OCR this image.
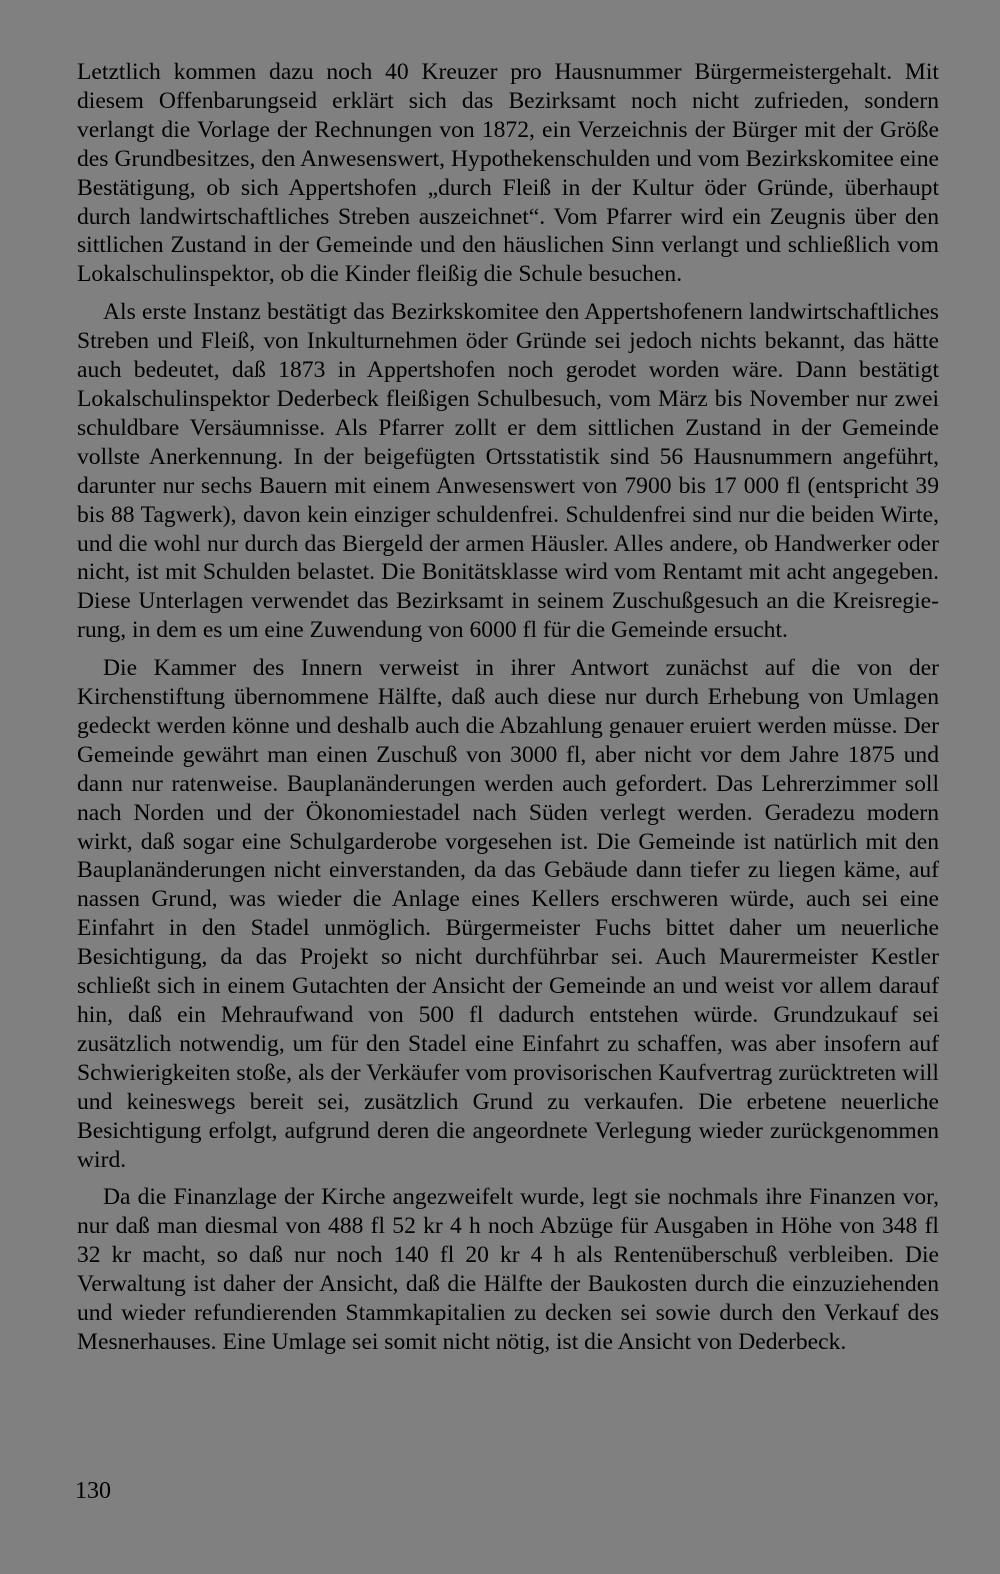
Letztlich kommen dazu noch 40 Kreuzer pro Hausnummer Bürgermeistergehalt. Mit diesem Offenbarungseid erklärt sich das Bezirksamt noch nicht zufrieden, sondern verlangt die Vorlage der Rechnungen von 1872, ein Verzeichnis der Bürger mit der Größe des Grundbesitzes, den Anwesenswert, Hypothekenschulden und vom Bezirkskomitee eine Bestätigung, ob sich Appertshofen „durch Fleiß in der Kultur öder Gründe, überhaupt durch landwirtschaftliches Streben auszeichnet“. Vom Pfarrer wird ein Zeugnis über den sittlichen Zustand in der Gemeinde und den häuslichen Sinn verlangt und schließlich vom Lokalschulinspektor, ob die Kinder fleißig die Schule besuchen.

Als erste Instanz bestätigt das Bezirkskomitee den Appertshofenern landwirtschaftliches Streben und Fleiß, von Inkulturnehmen öder Gründe sei jedoch nichts bekannt, das hätte auch bedeutet, daß 1873 in Appertshofen noch gerodet worden wäre. Dann bestätigt Lokalschulinspektor Dederbeck fleißigen Schulbesuch, vom März bis November nur zwei schuldbare Versäumnisse. Als Pfarrer zollt er dem sittlichen Zustand in der Gemeinde vollste Anerkennung. In der beigefügten Ortsstatistik sind 56 Hausnummern angeführt, darunter nur sechs Bauern mit einem Anwesenswert von 7900 bis 17 000 fl (entspricht 39 bis 88 Tagwerk), davon kein einziger schuldenfrei. Schuldenfrei sind nur die beiden Wirte, und die wohl nur durch das Biergeld der armen Häusler. Alles andere, ob Handwerker oder nicht, ist mit Schulden belastet. Die Bonitätsklasse wird vom Rentamt mit acht angegeben. Diese Unterlagen verwendet das Bezirksamt in seinem Zuschußgesuch an die Kreisregierung, in dem es um eine Zuwendung von 6000 fl für die Gemeinde ersucht.

Die Kammer des Innern verweist in ihrer Antwort zunächst auf die von der Kirchenstiftung übernommene Hälfte, daß auch diese nur durch Erhebung von Umlagen gedeckt werden könne und deshalb auch die Abzahlung genauer eruiert werden müsse. Der Gemeinde gewährt man einen Zuschuß von 3000 fl, aber nicht vor dem Jahre 1875 und dann nur ratenweise. Bauplanänderungen werden auch gefordert. Das Lehrerzimmer soll nach Norden und der Ökonomiestadel nach Süden verlegt werden. Geradezu modern wirkt, daß sogar eine Schulgarderobe vorgesehen ist. Die Gemeinde ist natürlich mit den Bauplanänderungen nicht einverstanden, da das Gebäude dann tiefer zu liegen käme, auf nassen Grund, was wieder die Anlage eines Kellers erschweren würde, auch sei eine Einfahrt in den Stadel unmöglich. Bürgermeister Fuchs bittet daher um neuerliche Besichtigung, da das Projekt so nicht durchführbar sei. Auch Maurermeister Kestler schließt sich in einem Gutachten der Ansicht der Gemeinde an und weist vor allem darauf hin, daß ein Mehraufwand von 500 fl dadurch entstehen würde. Grundzukauf sei zusätzlich notwendig, um für den Stadel eine Einfahrt zu schaffen, was aber insofern auf Schwierigkeiten stoße, als der Verkäufer vom provisorischen Kaufvertrag zurücktreten will und keineswegs bereit sei, zusätzlich Grund zu verkaufen. Die erbetene neuerliche Besichtigung erfolgt, aufgrund deren die angeordnete Verlegung wieder zurückgenommen wird.

Da die Finanzlage der Kirche angezweifelt wurde, legt sie nochmals ihre Finanzen vor, nur daß man diesmal von 488 fl 52 kr 4 h noch Abzüge für Ausgaben in Höhe von 348 fl 32 kr macht, so daß nur noch 140 fl 20 kr 4 h als Rentenüberschuß verbleiben. Die Verwaltung ist daher der Ansicht, daß die Hälfte der Baukosten durch die einzuziehenden und wieder refundierenden Stammkapitalien zu decken sei sowie durch den Verkauf des Mesnerhauses. Eine Umlage sei somit nicht nötig, ist die Ansicht von Dederbeck.

130
